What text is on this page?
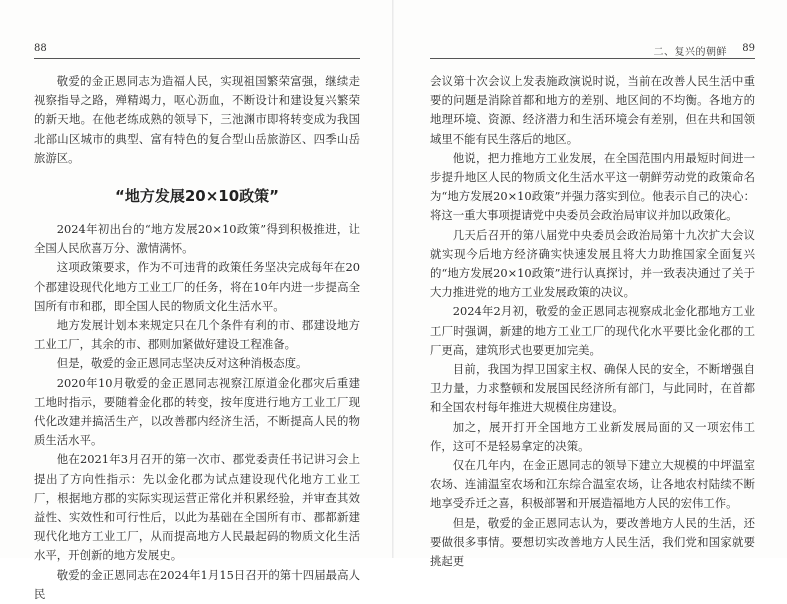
88

敬爱的金正恩同志为造福人民，实现祖国繁荣富强，继续走视察指导之路，殚精竭力，呕心沥血，不断设计和建设复兴繁荣的新天地。在他老练成熟的领导下，三池渊市即将转变成为我国北部山区城市的典型、富有特色的复合型山岳旅游区、四季山岳旅游区。

“地方发展20×10政策”

2024年初出台的“地方发展20×10政策”得到积极推进，让全国人民欣喜万分、激情满怀。

这项政策要求，作为不可违背的政策任务坚决完成每年在20个郡建设现代化地方工业工厂的任务，将在10年内进一步提高全国所有市和郡，即全国人民的物质文化生活水平。

地方发展计划本来规定只在几个条件有利的市、郡建设地方工业工厂，其余的市、郡则加紧做好建设工程准备。

但是，敬爱的金正恩同志坚决反对这种消极态度。

2020年10月敬爱的金正恩同志视察江原道金化郡灾后重建工地时指示，要随着金化郡的转变，按年度进行地方工业工厂现代化改建并搞活生产，以改善郡内经济生活，不断提高人民的物质生活水平。

他在2021年3月召开的第一次市、郡党委责任书记讲习会上提出了方向性指示：先以金化郡为试点建设现代化地方工业工厂，根据地方郡的实际实现运营正常化并积累经验，并审查其效益性、实效性和可行性后，以此为基础在全国所有市、郡都新建现代化地方工业工厂，从而提高地方人民最起码的物质文化生活水平，开创新的地方发展史。

敬爱的金正恩同志在2024年1月15日召开的第十四届最高人民

二、复兴的朝鲜 89

会议第十次会议上发表施政演说时说，当前在改善人民生活中重要的问题是消除首都和地方的差别、地区间的不均衡。各地方的地理环境、资源、经济潜力和生活环境会有差别，但在共和国领域里不能有民生落后的地区。

他说，把力推地方工业发展，在全国范围内用最短时间进一步提升地区人民的物质文化生活水平这一朝鲜劳动党的政策命名为“地方发展20×10政策”并强力落实到位。他表示自己的决心：将这一重大事项提请党中央委员会政治局审议并加以政策化。

几天后召开的第八届党中央委员会政治局第十九次扩大会议就实现今后地方经济确实快速发展且将大力助推国家全面复兴的“地方发展20×10政策”进行认真探讨，并一致表决通过了关于大力推进党的地方工业发展政策的决议。

2024年2月初，敬爱的金正恩同志视察成北金化郡地方工业工厂时强调，新建的地方工业工厂的现代化水平要比金化郡的工厂更高，建筑形式也要更加完美。

目前，我国为捍卫国家主权、确保人民的安全，不断增强自卫力量，力求整顿和发展国民经济所有部门，与此同时，在首都和全国农村每年推进大规模住房建设。

加之，展开打开全国地方工业新发展局面的又一项宏伟工作，这可不是轻易拿定的决策。

仅在几年内，在金正恩同志的领导下建立大规模的中坪温室农场、连浦温室农场和江东综合温室农场，让各地农村陆续不断地享受乔迁之喜，积极部署和开展造福地方人民的宏伟工作。

但是，敬爱的金正恩同志认为，要改善地方人民的生活，还要做很多事情。要想切实改善地方人民生活，我们党和国家就要挑起更
